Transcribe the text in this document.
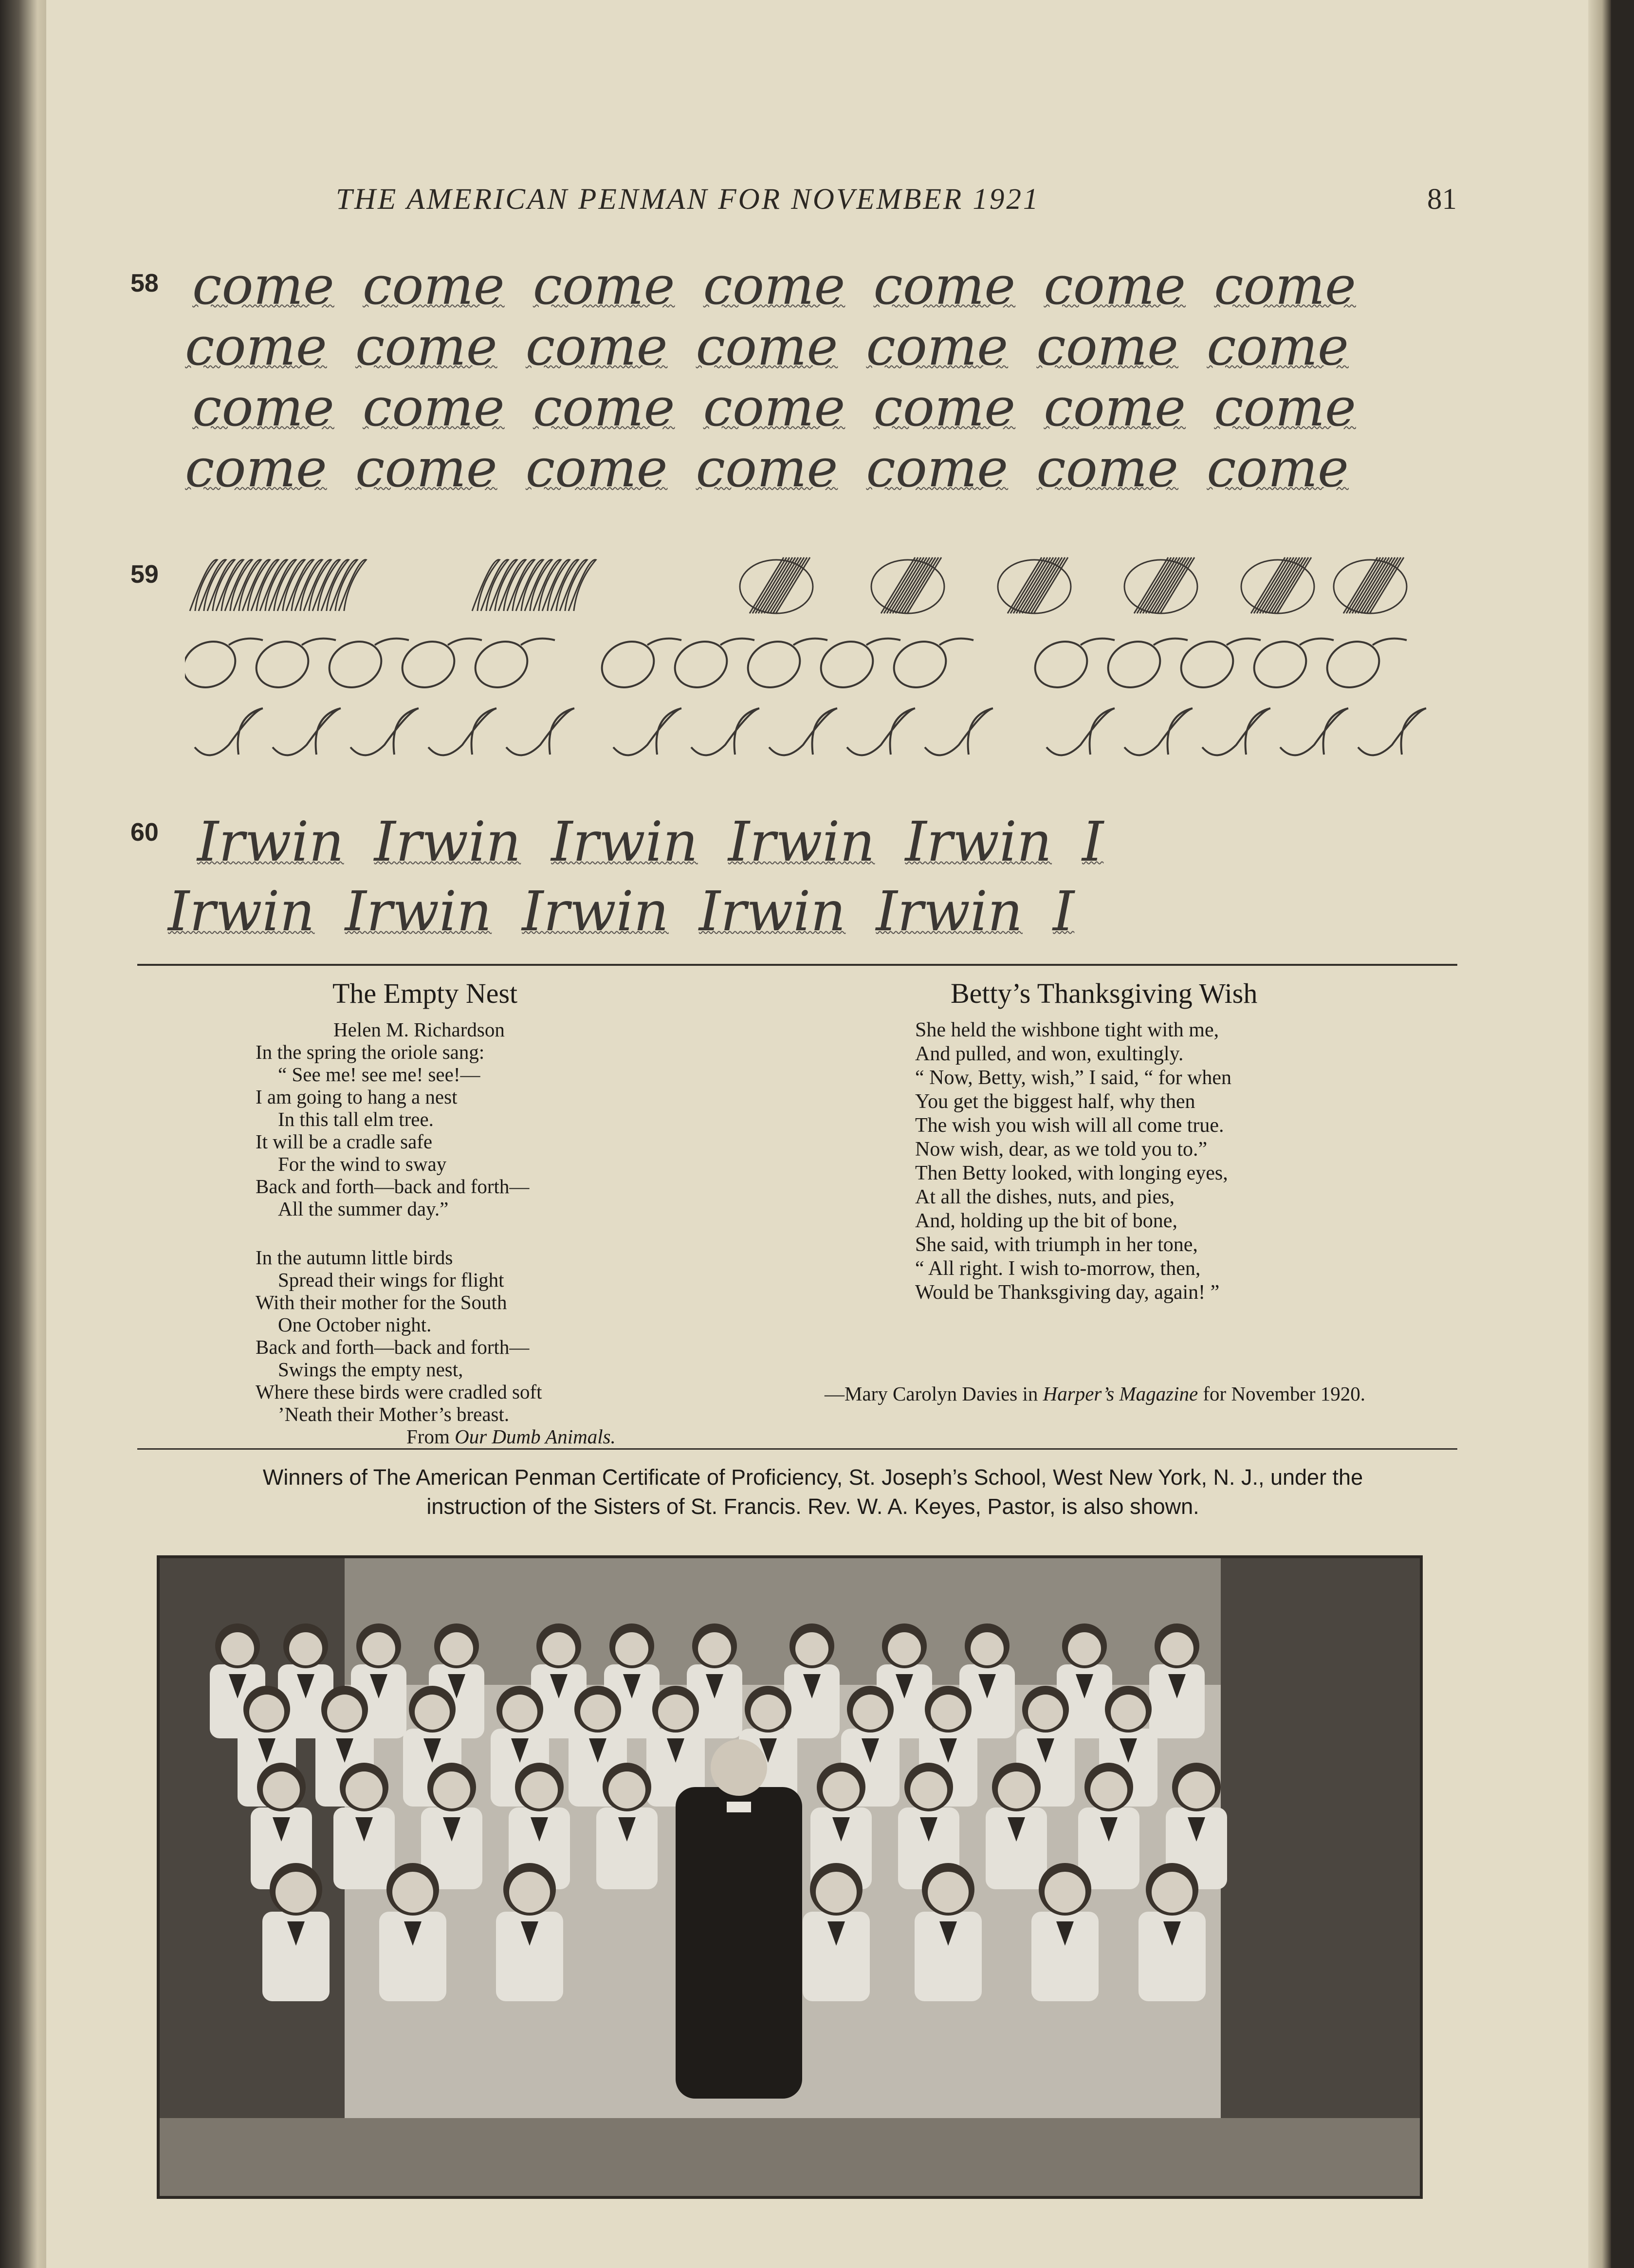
THE AMERICAN PENMAN FOR NOVEMBER 1921	81
58 come come come come come come come
come come come come come come come
come come come come come come come
come come come come come come come
59
60 Irwin Irwin Irwin Irwin Irwin I
Irwin Irwin Irwin Irwin Irwin I
The Empty Nest
Helen M. Richardson
In the spring the oriole sang:
“ See me! see me! see!—
I am going to hang a nest
In this tall elm tree.
It will be a cradle safe
For the wind to sway
Back and forth—back and forth—
All the summer day.”
In the autumn little birds
Spread their wings for flight
With their mother for the South
One October night.
Back and forth—back and forth—
Swings the empty nest,
Where these birds were cradled soft
’Neath their Mother’s breast.
From Our Dumb Animals.
Betty’s Thanksgiving Wish
She held the wishbone tight with me,
And pulled, and won, exultingly.
“ Now, Betty, wish,” I said, “ for when
You get the biggest half, why then
The wish you wish will all come true.
Now wish, dear, as we told you to.”
Then Betty looked, with longing eyes,
At all the dishes, nuts, and pies,
And, holding up the bit of bone,
She said, with triumph in her tone,
“ All right. I wish to-morrow, then,
Would be Thanksgiving day, again! ”
—Mary Carolyn Davies in Harper’s Magazine for November 1920.
Winners of The American Penman Certificate of Proficiency, St. Joseph’s School, West New York, N. J., under the
instruction of the Sisters of St. Francis. Rev. W. A. Keyes, Pastor, is also shown.
